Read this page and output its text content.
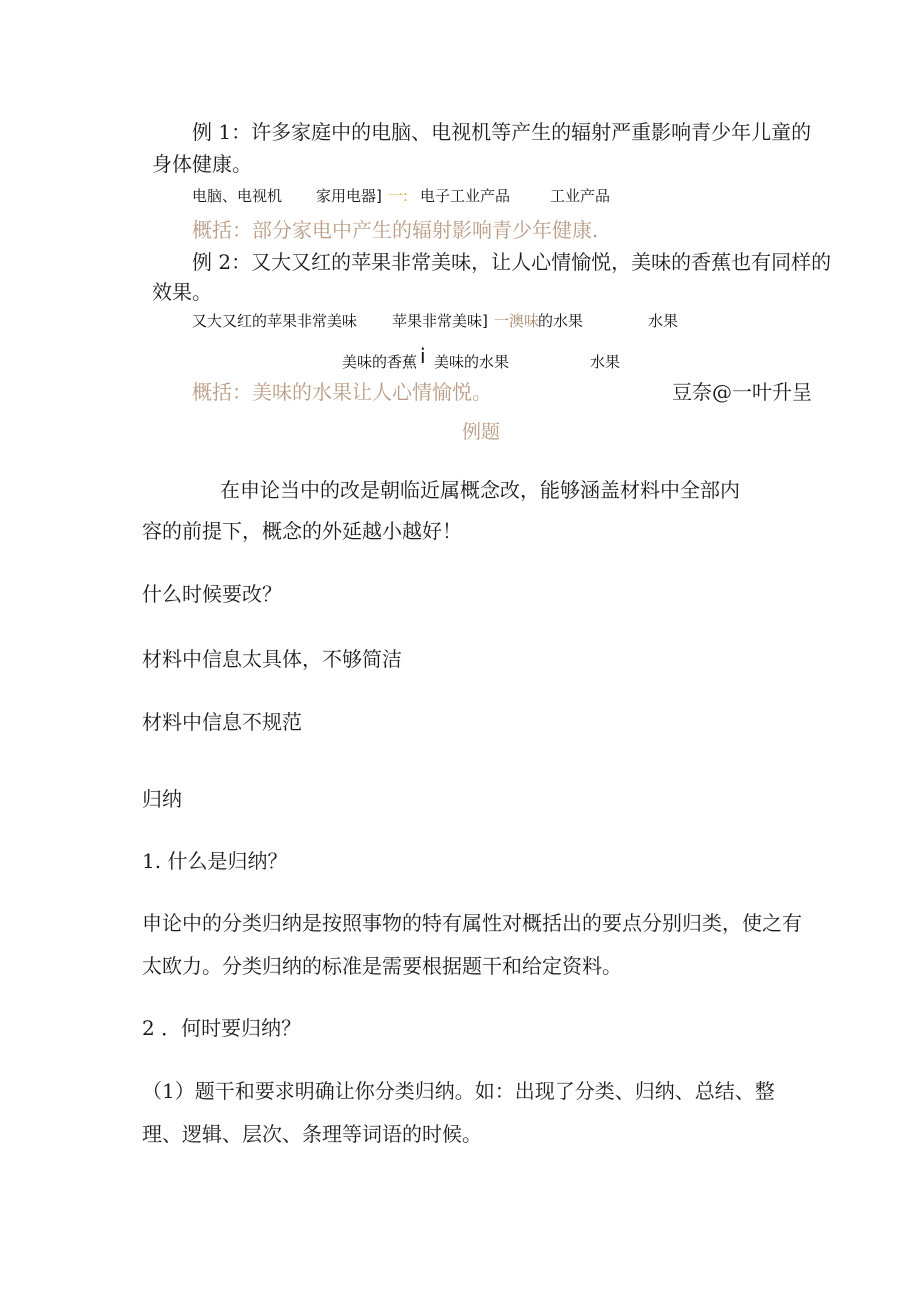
例 1：许多家庭中的电脑、电视机等产生的辐射严重影响青少年儿童的
身体健康。
电脑、电视机 家用电器] 一: 电子工业产品	工业产品
概括：部分家电中产生的辐射影响青少年健康.
例 2：又大又红的苹果非常美味，让人心情愉悦，美味的香蕉也有同样的
效果。
又大又红的苹果非常美味 苹果非常美味] 一澳味
的水果	水果
美味的香蕉 i 美味的水果	水果
概括：美味的水果让人心情愉悦。	豆奈@一叶升呈
例题
在申论当中的改是朝临近属概念改，能够涵盖材料中全部内
容的前提下，概念的外延越小越好！
什么时候要改？
材料中信息太具体，不够简洁
材料中信息不规范
归纳
1. 什么是归纳？
申论中的分类归纳是按照事物的特有属性对概括出的要点分别归类，使之有
太欧力。分类归纳的标准是需要根据题干和给定资料。
2 ．何时要归纳？
（1）题干和要求明确让你分类归纳。如：出现了分类、归纳、总结、整
理、逻辑、层次、条理等词语的时候。
